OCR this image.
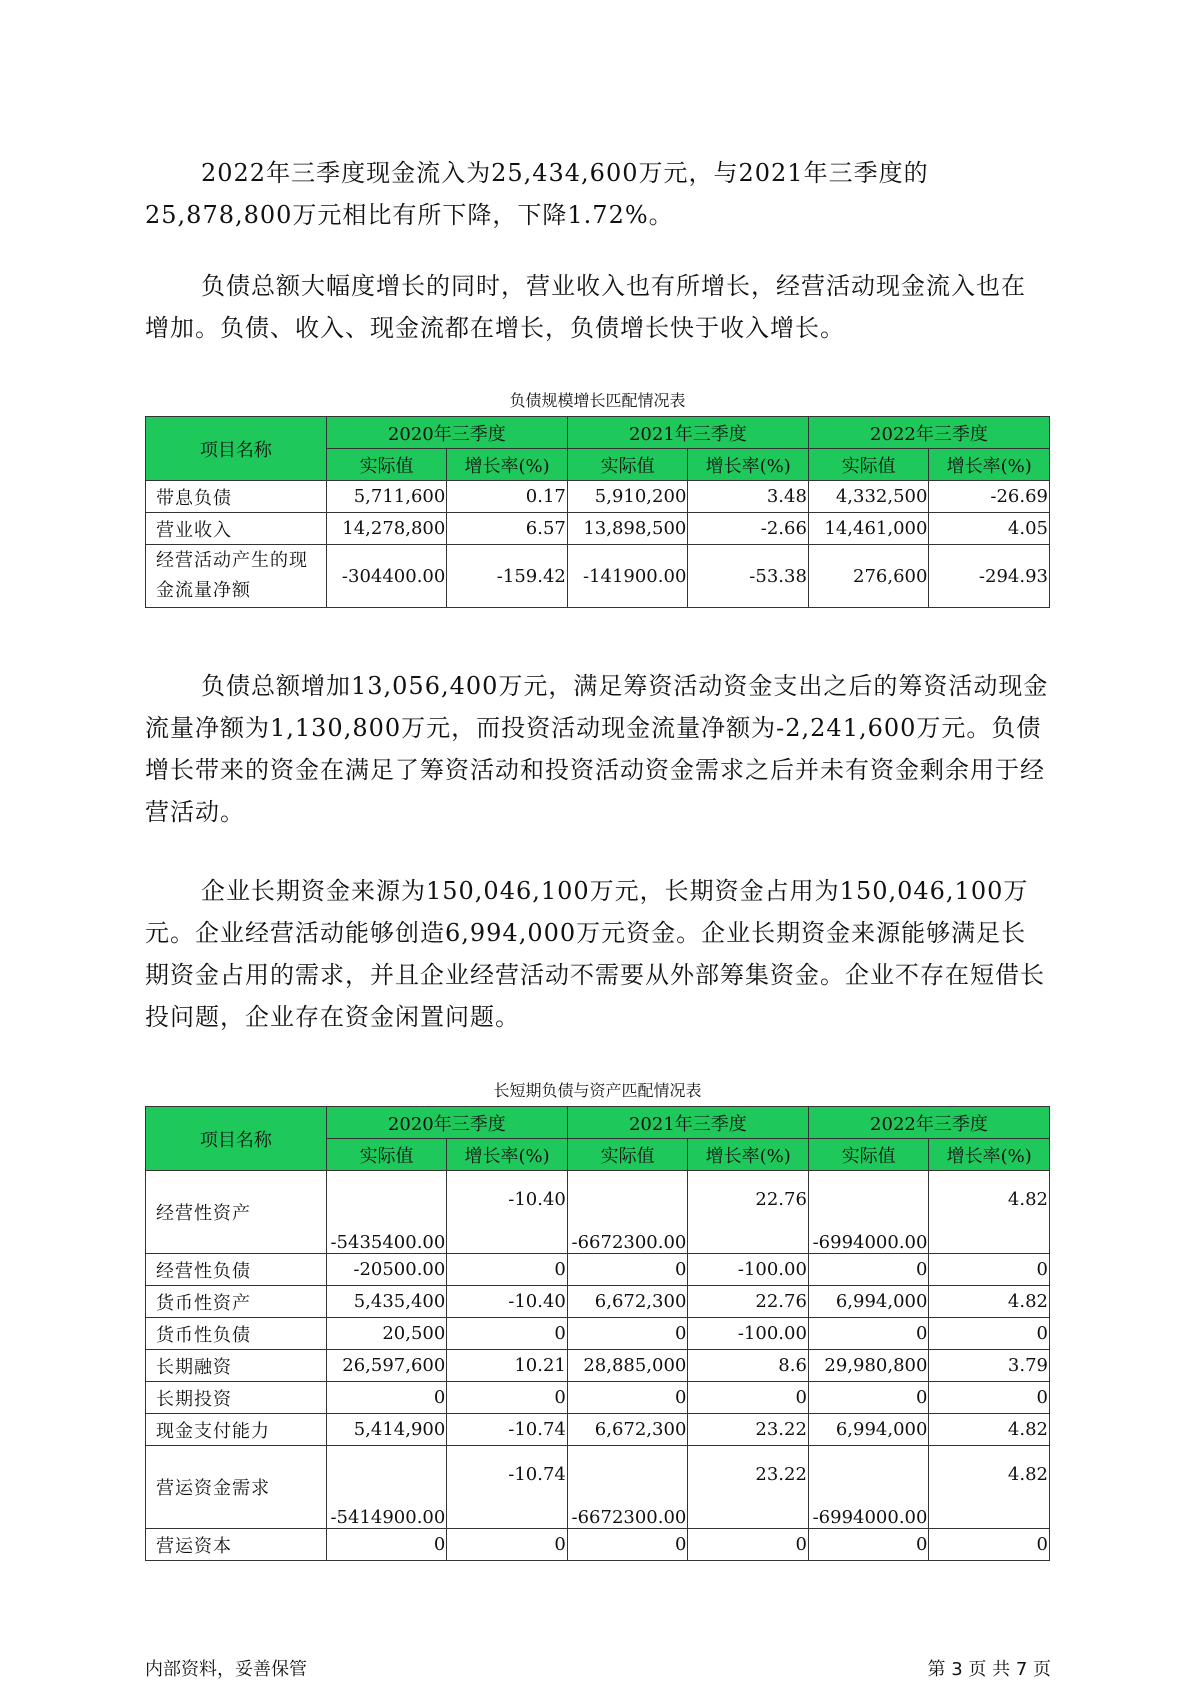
2022年三季度现金流入为25,434,600万元，与2021年三季度的25,878,800万元相比有所下降，下降1.72%。

负债总额大幅度增长的同时，营业收入也有所增长，经营活动现金流入也在增加。负债、收入、现金流都在增长，负债增长快于收入增长。

负债规模增长匹配情况表
项目名称	2020年三季度		2021年三季度		2022年三季度	
	实际值	增长率(%)	实际值	增长率(%)	实际值	增长率(%)
带息负债	5,711,600	0.17	5,910,200	3.48	4,332,500	-26.69
营业收入	14,278,800	6.57	13,898,500	-2.66	14,461,000	4.05
经营活动产生的现金流量净额	-304400.00	-159.42	-141900.00	-53.38	276,600	-294.93

负债总额增加13,056,400万元，满足筹资活动资金支出之后的筹资活动现金流量净额为1,130,800万元，而投资活动现金流量净额为-2,241,600万元。负债增长带来的资金在满足了筹资活动和投资活动资金需求之后并未有资金剩余用于经营活动。

企业长期资金来源为150,046,100万元，长期资金占用为150,046,100万元。企业经营活动能够创造6,994,000万元资金。企业长期资金来源能够满足长期资金占用的需求，并且企业经营活动不需要从外部筹集资金。企业不存在短借长投问题，企业存在资金闲置问题。

长短期负债与资产匹配情况表
项目名称	2020年三季度		2021年三季度		2022年三季度	
	实际值	增长率(%)	实际值	增长率(%)	实际值	增长率(%)
经营性资产	-5435400.00	-10.40	-6672300.00	22.76	-6994000.00	4.82
经营性负债	-20500.00	0	0	-100.00	0	0
货币性资产	5,435,400	-10.40	6,672,300	22.76	6,994,000	4.82
货币性负债	20,500	0	0	-100.00	0	0
长期融资	26,597,600	10.21	28,885,000	8.6	29,980,800	3.79
长期投资	0	0	0	0	0	0
现金支付能力	5,414,900	-10.74	6,672,300	23.22	6,994,000	4.82
营运资金需求	-5414900.00	-10.74	-6672300.00	23.22	-6994000.00	4.82
营运资本	0	0	0	0	0	0
内部资料，妥善保管	第 3 页 共 7 页
